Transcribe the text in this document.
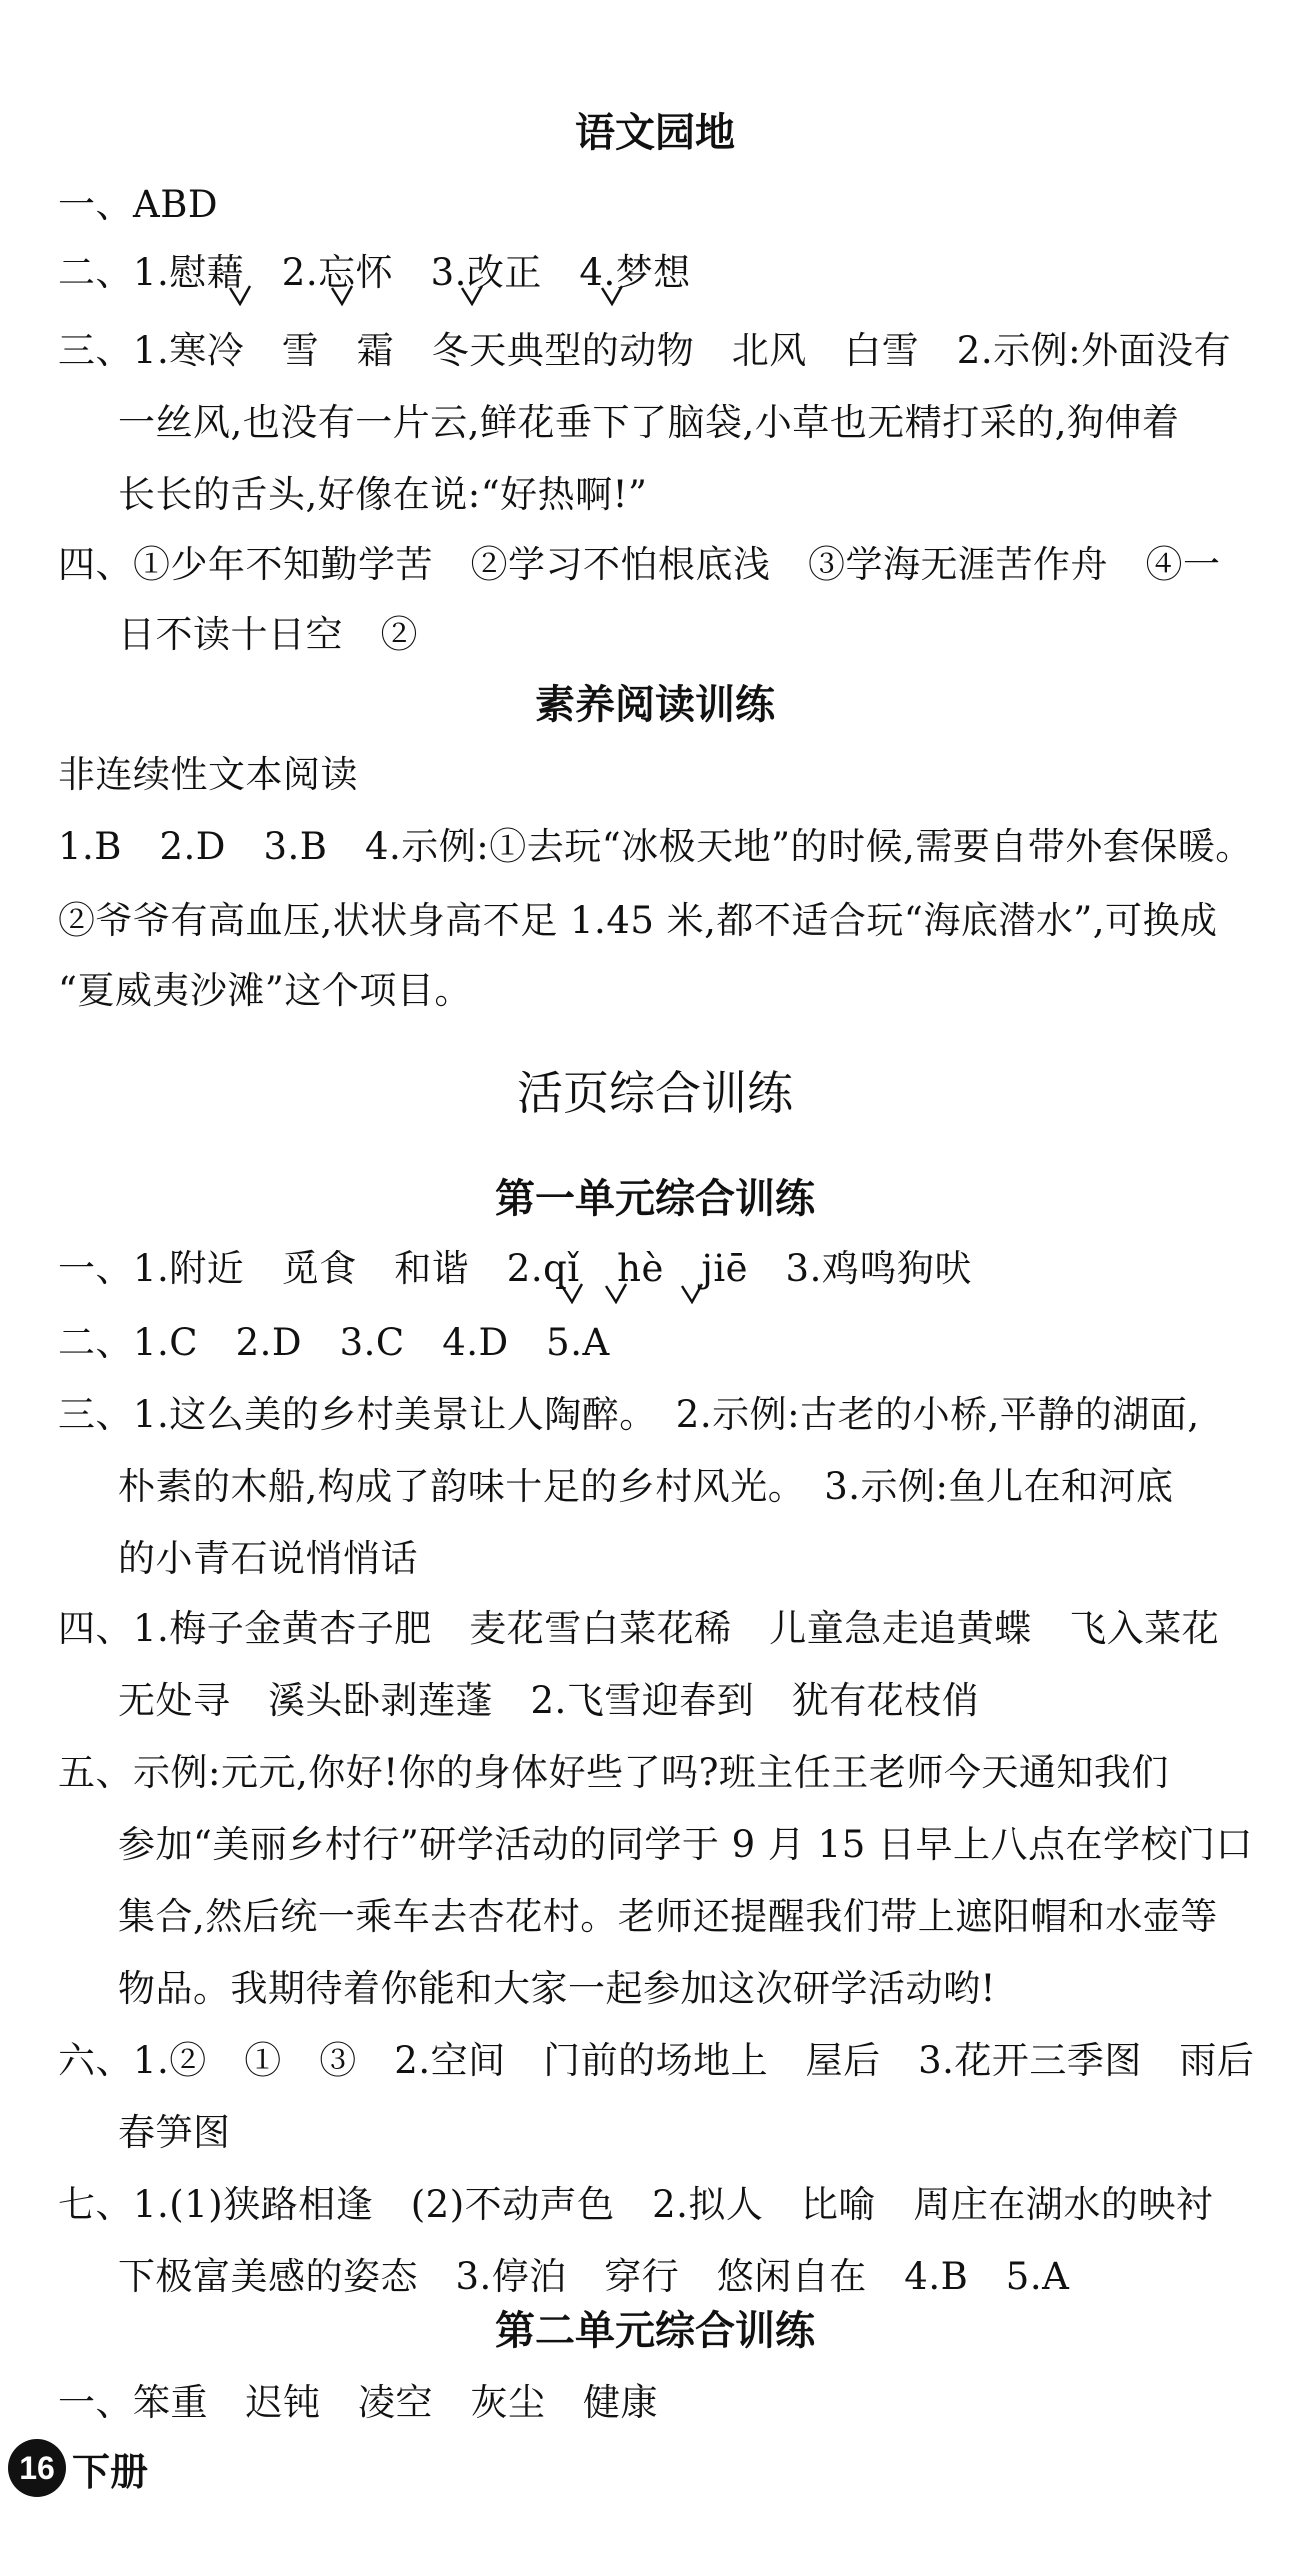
语文园地
一、ABD
二、1.慰藉　2.忘怀　3.改正　4.梦想
三、1.寒冷　雪　霜　冬天典型的动物　北风　白雪　2.示例:外面没有
一丝风,也没有一片云,鲜花垂下了脑袋,小草也无精打采的,狗伸着
长长的舌头,好像在说:“好热啊!”
四、①少年不知勤学苦　②学习不怕根底浅　③学海无涯苦作舟　④一
日不读十日空　②
素养阅读训练
非连续性文本阅读
1.B　2.D　3.B　4.示例:①去玩“冰极天地”的时候,需要自带外套保暖。
②爷爷有高血压,状状身高不足 1.45 米,都不适合玩“海底潜水”,可换成
“夏威夷沙滩”这个项目。
活页综合训练
第一单元综合训练
一、1.附近　觅食　和谐　2.qǐ　hè　jiē　3.鸡鸣狗吠
二、1.C　2.D　3.C　4.D　5.A
三、1.这么美的乡村美景让人陶醉。　2.示例:古老的小桥,平静的湖面,
朴素的木船,构成了韵味十足的乡村风光。　3.示例:鱼儿在和河底
的小青石说悄悄话
四、1.梅子金黄杏子肥　麦花雪白菜花稀　儿童急走追黄蝶　飞入菜花
无处寻　溪头卧剥莲蓬　2.飞雪迎春到　犹有花枝俏
五、示例:元元,你好!你的身体好些了吗?班主任王老师今天通知我们
参加“美丽乡村行”研学活动的同学于 9 月 15 日早上八点在学校门口
集合,然后统一乘车去杏花村。老师还提醒我们带上遮阳帽和水壶等
物品。我期待着你能和大家一起参加这次研学活动哟!
六、1.②　①　③　2.空间　门前的场地上　屋后　3.花开三季图　雨后
春笋图
七、1.(1)狭路相逢　(2)不动声色　2.拟人　比喻　周庄在湖水的映衬
下极富美感的姿态　3.停泊　穿行　悠闲自在　4.B　5.A
第二单元综合训练
一、笨重　迟钝　凌空　灰尘　健康
16 下册
